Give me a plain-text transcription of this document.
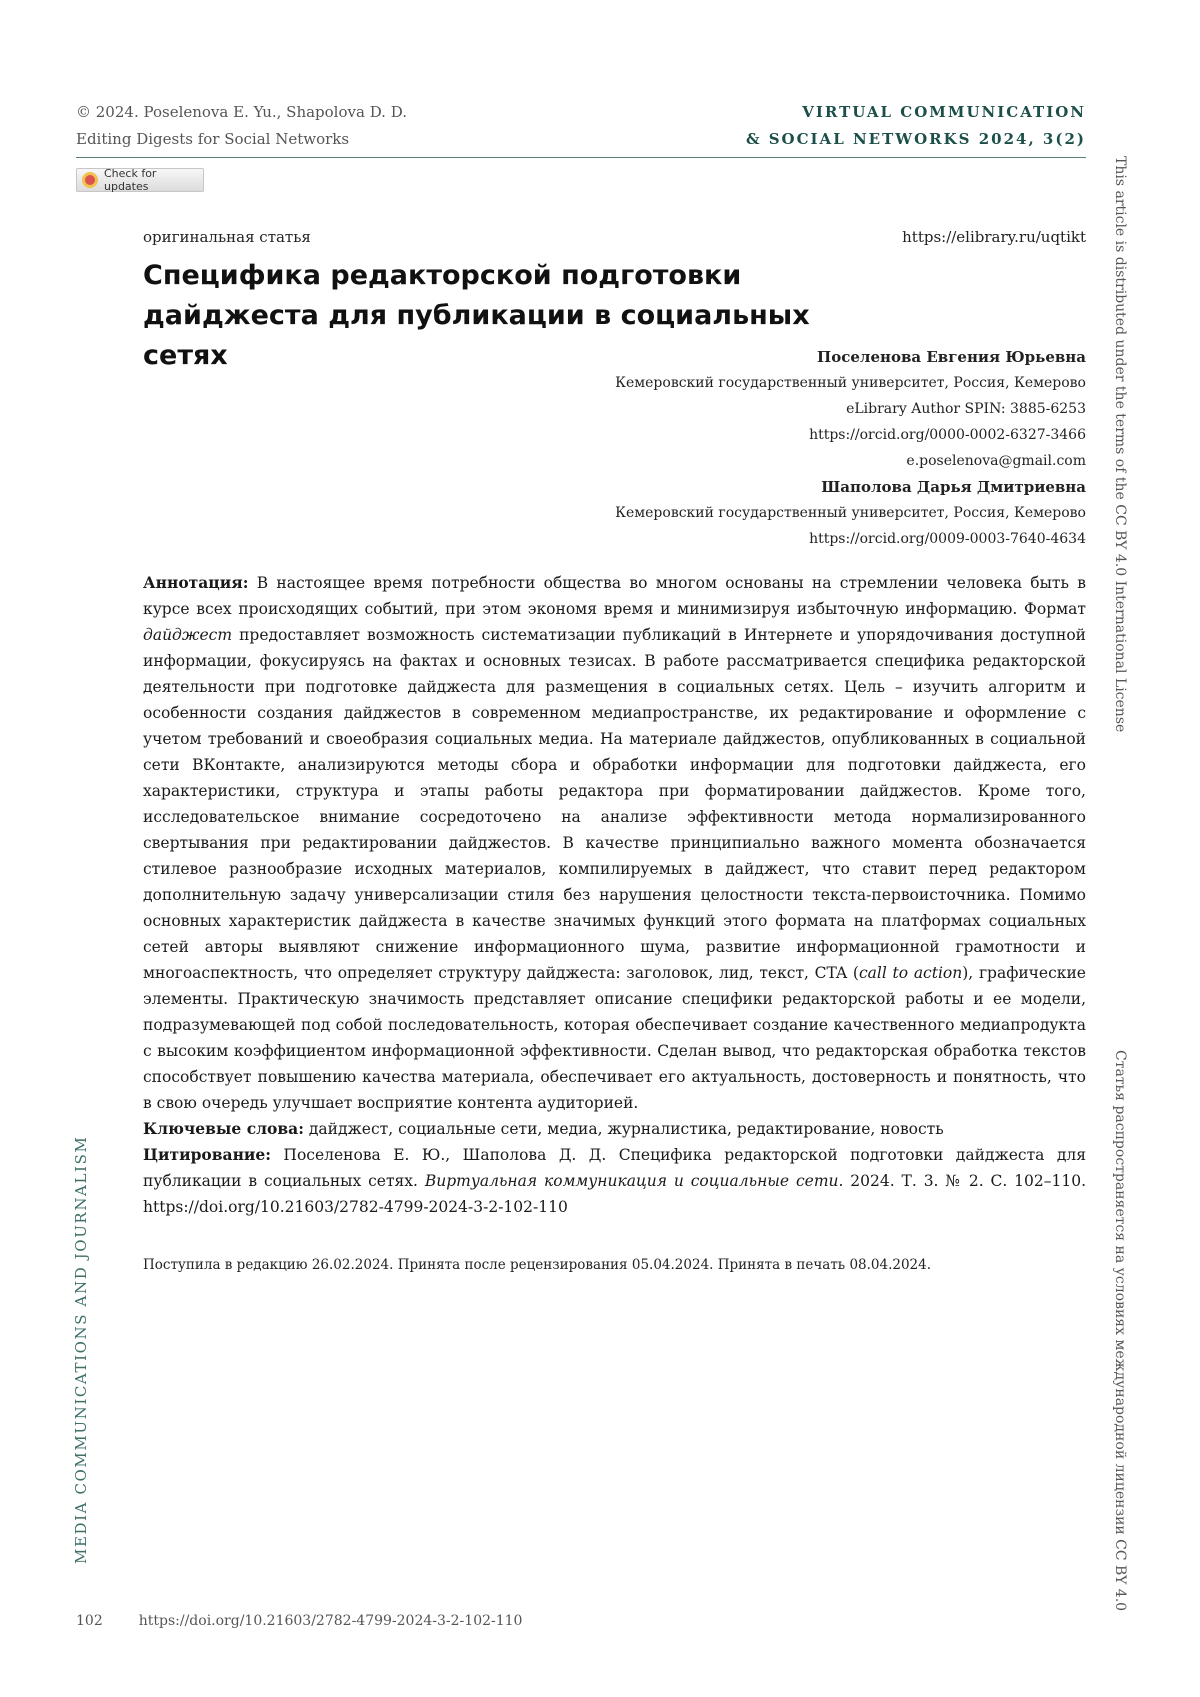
© 2024. Poselenova E. Yu., Shapolova D. D.
Editing Digests for Social Networks
VIRTUAL COMMUNICATION
& SOCIAL NETWORKS 2024, 3(2)
Check for updates
оригинальная статья	https://elibrary.ru/uqtikt
Специфика редакторской подготовки дайджеста для публикации в социальных сетях	Поселенова Евгения Юрьевна
Кемеровский государственный университет, Россия, Кемерово
eLibrary Author SPIN: 3885-6253
https://orcid.org/0000-0002-6327-3466
e.poselenova@gmail.com
Шаполова Дарья Дмитриевна
Кемеровский государственный университет, Россия, Кемерово
https://orcid.org/0009-0003-7640-4634

Аннотация: В настоящее время потребности общества во многом основаны на стремлении человека быть в курсе всех происходящих событий, при этом экономя время и минимизируя избыточную информацию. Формат дайджест предоставляет возможность систематизации публикаций в Интернете и упорядочивания доступной информации, фокусируясь на фактах и основных тезисах. В работе рассматривается специфика редакторской деятельности при подготовке дайджеста для размещения в социальных сетях. Цель – изучить алгоритм и особенности создания дайджестов в современном медиапространстве, их редактирование и оформление с учетом требований и своеобразия социальных медиа. На материале дайджестов, опубликованных в социальной сети ВКонтакте, анализируются методы сбора и обработки информации для подготовки дайджеста, его характеристики, структура и этапы работы редактора при форматировании дайджестов. Кроме того, исследовательское внимание сосредоточено на анализе эффективности метода нормализированного свертывания при редактировании дайджестов. В качестве принципиально важного момента обозначается стилевое разнообразие исходных материалов, компилируемых в дайджест, что ставит перед редактором дополнительную задачу универсализации стиля без нарушения целостности текста-первоисточника. Помимо основных характеристик дайджеста в качестве значимых функций этого формата на платформах социальных сетей авторы выявляют снижение информационного шума, развитие информационной грамотности и многоаспектность, что определяет структуру дайджеста: заголовок, лид, текст, CTA (call to action), графические элементы. Практическую значимость представляет описание специфики редакторской работы и ее модели, подразумевающей под собой последовательность, которая обеспечивает создание качественного медиапродукта с высоким коэффициентом информационной эффективности. Сделан вывод, что редакторская обработка текстов способствует повышению качества материала, обеспечивает его актуальность, достоверность и понятность, что в свою очередь улучшает восприятие контента аудиторией.

Ключевые слова: дайджест, социальные сети, медиа, журналистика, редактирование, новость

Цитирование: Поселенова Е. Ю., Шаполова Д. Д. Специфика редакторской подготовки дайджеста для публикации в социальных сетях. Виртуальная коммуникация и социальные сети. 2024. Т. 3. № 2. С. 102–110. https://doi.org/10.21603/2782-4799-2024-3-2-102-110

Поступила в редакцию 26.02.2024. Принята после рецензирования 05.04.2024. Принята в печать 08.04.2024.
MEDIA COMMUNICATIONS AND JOURNALISM
This article is distributed under the terms of the CC BY 4.0 International License
Статья распространяется на условиях международной лицензии CC BY 4.0
102	https://doi.org/10.21603/2782-4799-2024-3-2-102-110
